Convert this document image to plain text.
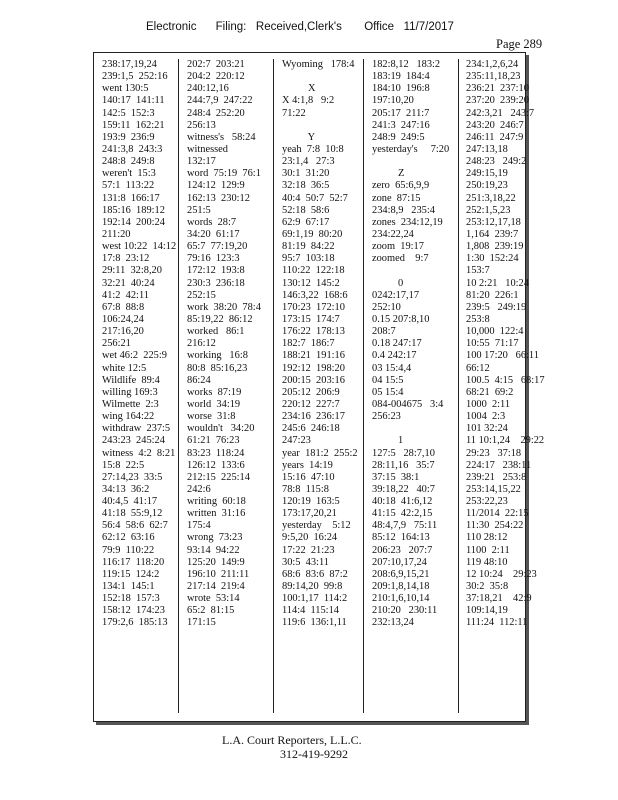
Electronic      Filing:   Received,Clerk's       Office   11/7/2017
Page 289
238:17,19,24
239:1,5  252:16
went 130:5
140:17  141:11
142:5  152:3
159:11  162:21
193:9  236:9
241:3,8  243:3
248:8  249:8
weren't  15:3
57:1  113:22
131:8  166:17
185:16  189:12
192:14  200:24
211:20
west 10:22  14:12
17:8  23:12
29:11  32:8,20
32:21  40:24
41:2  42:11
67:8  88:8
106:24,24
217:16,20
256:21
wet 46:2  225:9
white 12:5
Wildlife  89:4
willing 169:3
Wilmette  2:3
wing 164:22
withdraw  237:5
243:23  245:24
witness  4:2  8:21
15:8  22:5
27:14,23  33:5
34:13  36:2
40:4,5  41:17
41:18  55:9,12
56:4  58:6  62:7
62:12  63:16
79:9  110:22
116:17  118:20
119:15  124:2
134:1  145:1
152:18  157:3
158:12  174:23
179:2,6  185:13
202:7  203:21
204:2  220:12
240:12,16
244:7,9  247:22
248:4  252:20
256:13
witness's   58:24
witnessed
132:17
word  75:19  76:1
124:12  129:9
162:13  230:12
251:5
words  28:7
34:20  61:17
65:7  77:19,20
79:16  123:3
172:12  193:8
230:3  236:18
252:15
work  38:20  78:4
85:19,22  86:12
worked   86:1
216:12
working   16:8
80:8  85:16,23
86:24
works  87:19
world  34:19
worse  31:8
wouldn't   34:20
61:21  76:23
83:23  118:24
126:12  133:6
212:15  225:14
242:6
writing  60:18
written  31:16
175:4
wrong  73:23
93:14  94:22
125:20  149:9
196:10  211:11
217:14  219:4
wrote  53:14
65:2  81:15
171:15
Wyoming   178:4
X
X 4:1,8   9:2
71:22
Y
yeah  7:8  10:8
23:1,4   27:3
30:1  31:20
32:18  36:5
40:4  50:7  52:7
52:18  58:6
62:9  67:17
69:1,19  80:20
81:19  84:22
95:7  103:18
110:22  122:18
130:12  145:2
146:3,22  168:6
170:23  172:10
173:15  174:7
176:22  178:13
182:7  186:7
188:21  191:16
192:12  198:20
200:15  203:16
205:12  206:9
220:12  227:7
234:16  236:17
245:6  246:18
247:23
year  181:2  255:2
years  14:19
15:16  47:10
78:8  115:8
120:19  163:5
173:17,20,21
yesterday    5:12
9:5,20  16:24
17:22  21:23
30:5  43:11
68:6  83:6  87:2
89:14,20  99:8
100:1,17  114:2
114:4  115:14
119:6  136:1,11
182:8,12   183:2
183:19  184:4
184:10  196:8
197:10,20
205:17  211:7
241:3  247:16
248:9  249:5
yesterday's     7:20
Z
zero  65:6,9,9
zone  87:15
234:8,9   235:4
zones  234:12,19
234:22,24
zoom  19:17
zoomed    9:7
0
0242:17,17
252:10
0.15 207:8,10
208:7
0.18 247:17
0.4 242:17
03 15:4,4
04 15:5
05 15:4
084-004675   3:4
256:23
1
127:5   28:7,10
28:11,16   35:7
37:15  38:1
39:18,22   40:7
40:18  41:6,12
41:15  42:2,15
48:4,7,9   75:11
85:12  164:13
206:23   207:7
207:10,17,24
208:6,9,15,21
209:1,8,14,18
210:1,6,10,14
210:20   230:11
232:13,24
234:1,2,6,24
235:11,18,23
236:21  237:10
237:20  239:20
242:3,21   243:7
243:20  246:7
246:11  247:9
247:13,18
248:23   249:2
249:15,19
250:19,23
251:3,18,22
252:1,5,23
253:12,17,18
1,164  239:7
1,808  239:19
1:30  152:24
153:7
10 2:21   10:24
81:20  226:1
239:5   249:19
253:8
10,000  122:4
10:55  71:17
100 17:20   66:11
66:12
100.5  4:15   68:17
68:21  69:2
1000  2:11
1004  2:3
101 32:24
11 10:1,24    29:22
29:23   37:18
224:17   238:11
239:21   253:8
253:14,15,22
253:22,23
11/2014  22:15
11:30  254:22
110 28:12
1100  2:11
119 48:10
12 10:24    29:23
30:2  35:8
37:18,21    42:9
109:14,19
111:24  112:11
L.A. Court Reporters, L.L.C.
312-419-9292
